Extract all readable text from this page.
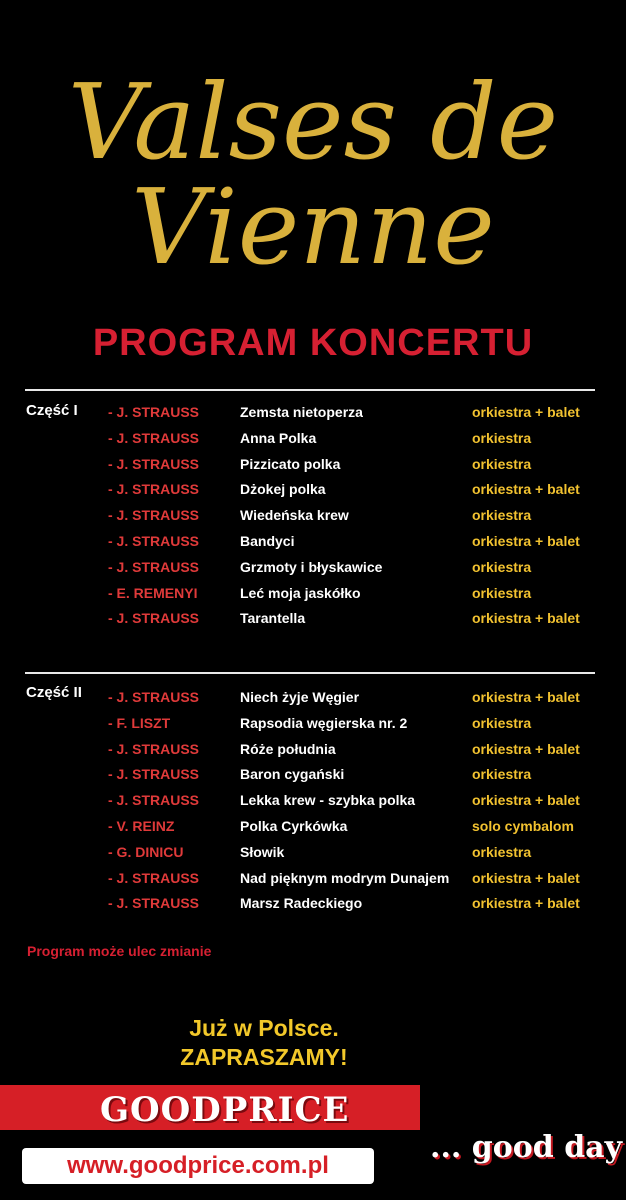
Valses de
Vienne
PROGRAM KONCERTU
Część I - J. STRAUSS	Zemsta nietoperza	orkiestra + balet
- J. STRAUSS	Anna Polka	orkiestra
- J. STRAUSS	Pizzicato polka	orkiestra
- J. STRAUSS	Dżokej polka	orkiestra + balet
- J. STRAUSS	Wiedeńska krew	orkiestra
- J. STRAUSS	Bandyci	orkiestra + balet
- J. STRAUSS	Grzmoty i błyskawice	orkiestra
- E. REMENYI	Leć moja jaskółko	orkiestra
- J. STRAUSS	Tarantella	orkiestra + balet
Część II - J. STRAUSS	Niech żyje Węgier	orkiestra + balet
- F. LISZT	Rapsodia węgierska nr. 2	orkiestra
- J. STRAUSS	Róże południa	orkiestra + balet
- J. STRAUSS	Baron cygański	orkiestra
- J. STRAUSS	Lekka krew - szybka polka	orkiestra + balet
- V. REINZ	Polka Cyrkówka	solo cymbalom
- G. DINICU	Słowik	orkiestra
- J. STRAUSS	Nad pięknym modrym Dunajem orkiestra + balet
- J. STRAUSS	Marsz Radeckiego	orkiestra + balet
Program może ulec zmianie
Już w Polsce.
ZAPRASZAMY!
GOODPRICE
www.goodprice.com.pl
... good day
